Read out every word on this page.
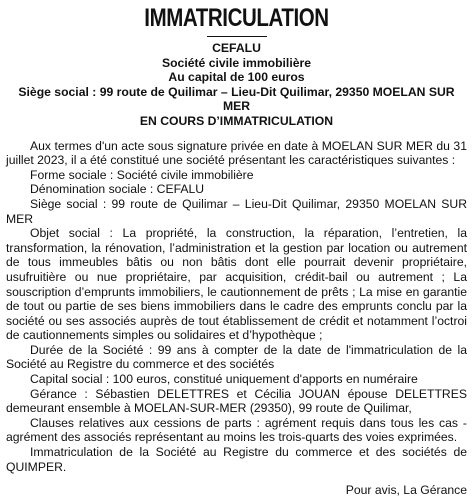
IMMATRICULATION
CEFALU
Société civile immobilière
Au capital de 100 euros
Siège social : 99 route de Quilimar – Lieu-Dit Quilimar, 29350 MOELAN SUR
MER
EN COURS D’IMMATRICULATION

Aux termes d'un acte sous signature privée en date à MOELAN SUR MER du 31 juillet 2023, il a été constitué une société présentant les caractéristiques suivantes :

Forme sociale : Société civile immobilière

Dénomination sociale : CEFALU

Siège social : 99 route de Quilimar – Lieu-Dit Quilimar, 29350 MOELAN SUR MER

Objet social : La propriété, la construction, la réparation, l’entretien, la transformation, la rénovation, l’administration et la gestion par location ou autrement de tous immeubles bâtis ou non bâtis dont elle pourrait devenir propriétaire, usufruitière ou nue propriétaire, par acquisition, crédit-bail ou autrement ; La souscription d’emprunts immobiliers, le cautionnement de prêts ; La mise en garantie de tout ou partie de ses biens immobiliers dans le cadre des emprunts conclu par la société ou ses associés auprès de tout établissement de crédit et notamment l’octroi de cautionnements simples ou solidaires et d’hypothèque ;

Durée de la Société : 99 ans à compter de la date de l'immatriculation de la Société au Registre du commerce et des sociétés

Capital social : 100 euros, constitué uniquement d'apports en numéraire

Gérance : Sébastien DELETTRES et Cécilia JOUAN épouse DELETTRES demeurant ensemble à MOELAN-SUR-MER (29350), 99 route de Quilimar,

Clauses relatives aux cessions de parts : agrément requis dans tous les cas - agrément des associés représentant au moins les trois-quarts des voies exprimées.

Immatriculation de la Société au Registre du commerce et des sociétés de QUIMPER.

Pour avis, La Gérance
